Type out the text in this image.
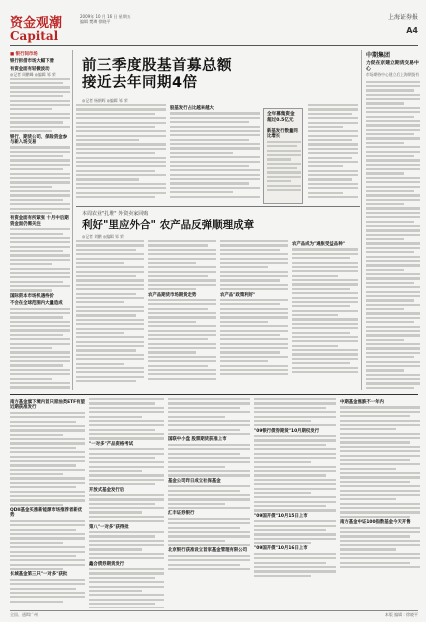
资金观潮
Capital
2009年 10 月 16 日 星期五
编辑 樊璘 徐晓平
上海证券报
A4
■ 银行间市场
银行拆借市场大幅下滑
有资金面有轻微波动
◎记者 周鹏峰 ◎编辑 邹 荣
银行、期货公司、保险资金参与新入场交易
有资金面有所紧张 十月中后期资金面仍需关注
国际资本市场机遇待价
不会在全球范围内大量造成
前三季度股基首募总额
接近去年同期4倍
◎记者 杨朝晖 ◎编辑 邹 荣
股基发行占比越来越大
全年募集资金
超过0.5亿元
新基发行数量同比增长
本周农业"扎堆" 外资卖家回购
利好"里应外合" 农产品反弹顺理成章
◎记者 刘鹏 ◎编辑 邹 荣
农产品期货市场期货走势	农产品"政策利好"
农产品成为"通胀受益品种"
中期集团
力促在京建立期货交易中心
市场期待中心建立后上海期货有
南方基金旗下境内首只原油类ETF有望近期获准发行
QDII基金买涨新能源市场推荐者新优势
长城基金第三只"一对多"获批
"一对多"产品资格考试
开放式基金发行后
第八"一对多"获得批
鑫合债券期货发行
国联中小盘 股票期货获准上市
基金公司昨日成立社保基金
汇丰证券银行
北京银行获准设立首家基金管理有限公司
"09银行债券期货"10月期权发行
"09国开债"10月15日上市
"09国开债"10月16日上市
中期基金涨跌不一年内
南方基金中证100指数基金今天开售
全国、通缉广州	本版 编辑 : 徐晓平
